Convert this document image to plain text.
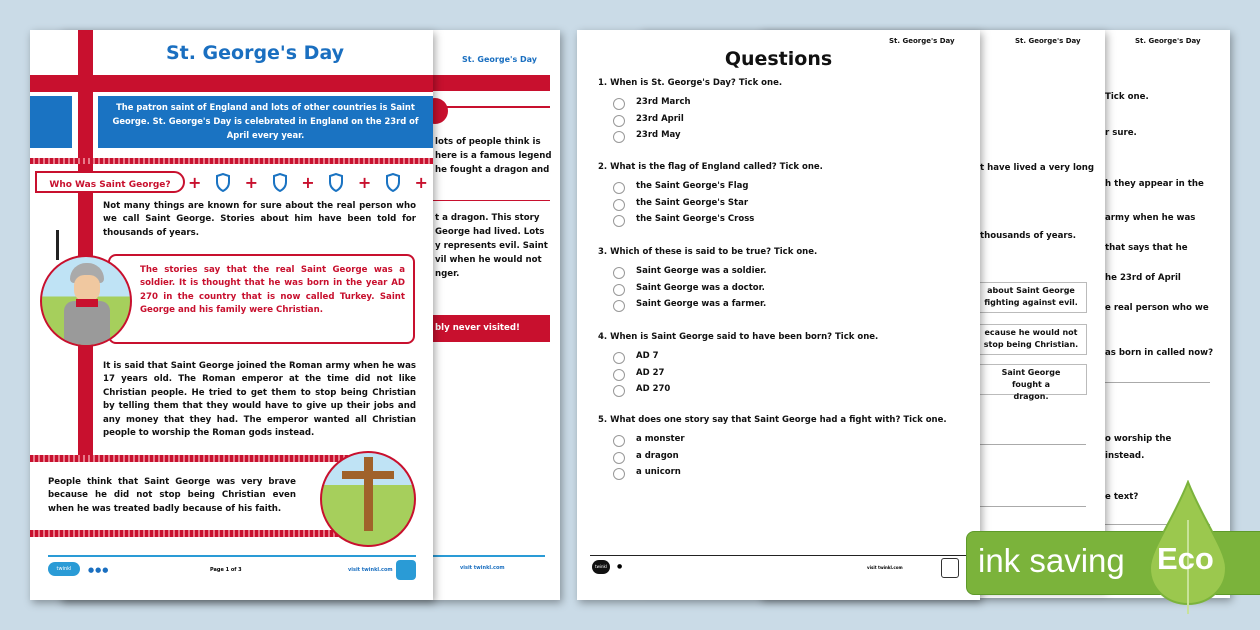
St. George's Day
lots of people think is
here is a famous legend
he fought a dragon and
t a dragon. This story
George had lived. Lots
y represents evil. Saint
vil when he would not
nger.
bly never visited!
visit twinkl.com
St. George's Day
The patron saint of England and lots of other countries is Saint George. St. George's Day is celebrated in England on the 23rd of April every year.
Who Was Saint George?	+	+	+	+	+
Not many things are known for sure about the real person who we call Saint George. Stories about him have been told for thousands of years.
The stories say that the real Saint George was a soldier. It is thought that he was born in the year AD 270 in the country that is now called Turkey. Saint George and his family were Christian.
It is said that Saint George joined the Roman army when he was 17 years old. The Roman emperor at the time did not like Christian people. He tried to get them to stop being Christian by telling them that they would have to give up their jobs and any money that they had. The emperor wanted all Christian people to worship the Roman gods instead.
People think that Saint George was very brave because he did not stop being Christian even when he was treated badly because of his faith.
twinkl	●●●	Page 1 of 3	visit twinkl.com
St. George's Day
Tick one.
r sure.
h they appear in the
army when he was
that says that he
he 23rd of April
e real person who we
as born in called now?
o worship the
instead.
e text?
St. George's Day
t have lived a very long
thousands of years.
about Saint George fighting against evil.
ecause he would not stop being Christian.
Saint George fought a dragon.
St. George's Day
Questions
1. When is St. George's Day? Tick one.
23rd March
23rd April
23rd May
2. What is the flag of England called? Tick one.
the Saint George's Flag
the Saint George's Star
the Saint George's Cross
3. Which of these is said to be true? Tick one.
Saint George was a soldier.
Saint George was a doctor.
Saint George was a farmer.
4. When is Saint George said to have been born? Tick one.
AD 7
AD 27
AD 270
5. What does one story say that Saint George had a fight with? Tick one.
a monster
a dragon
a unicorn
twinkl	●	visit twinkl.com ink saving Eco
